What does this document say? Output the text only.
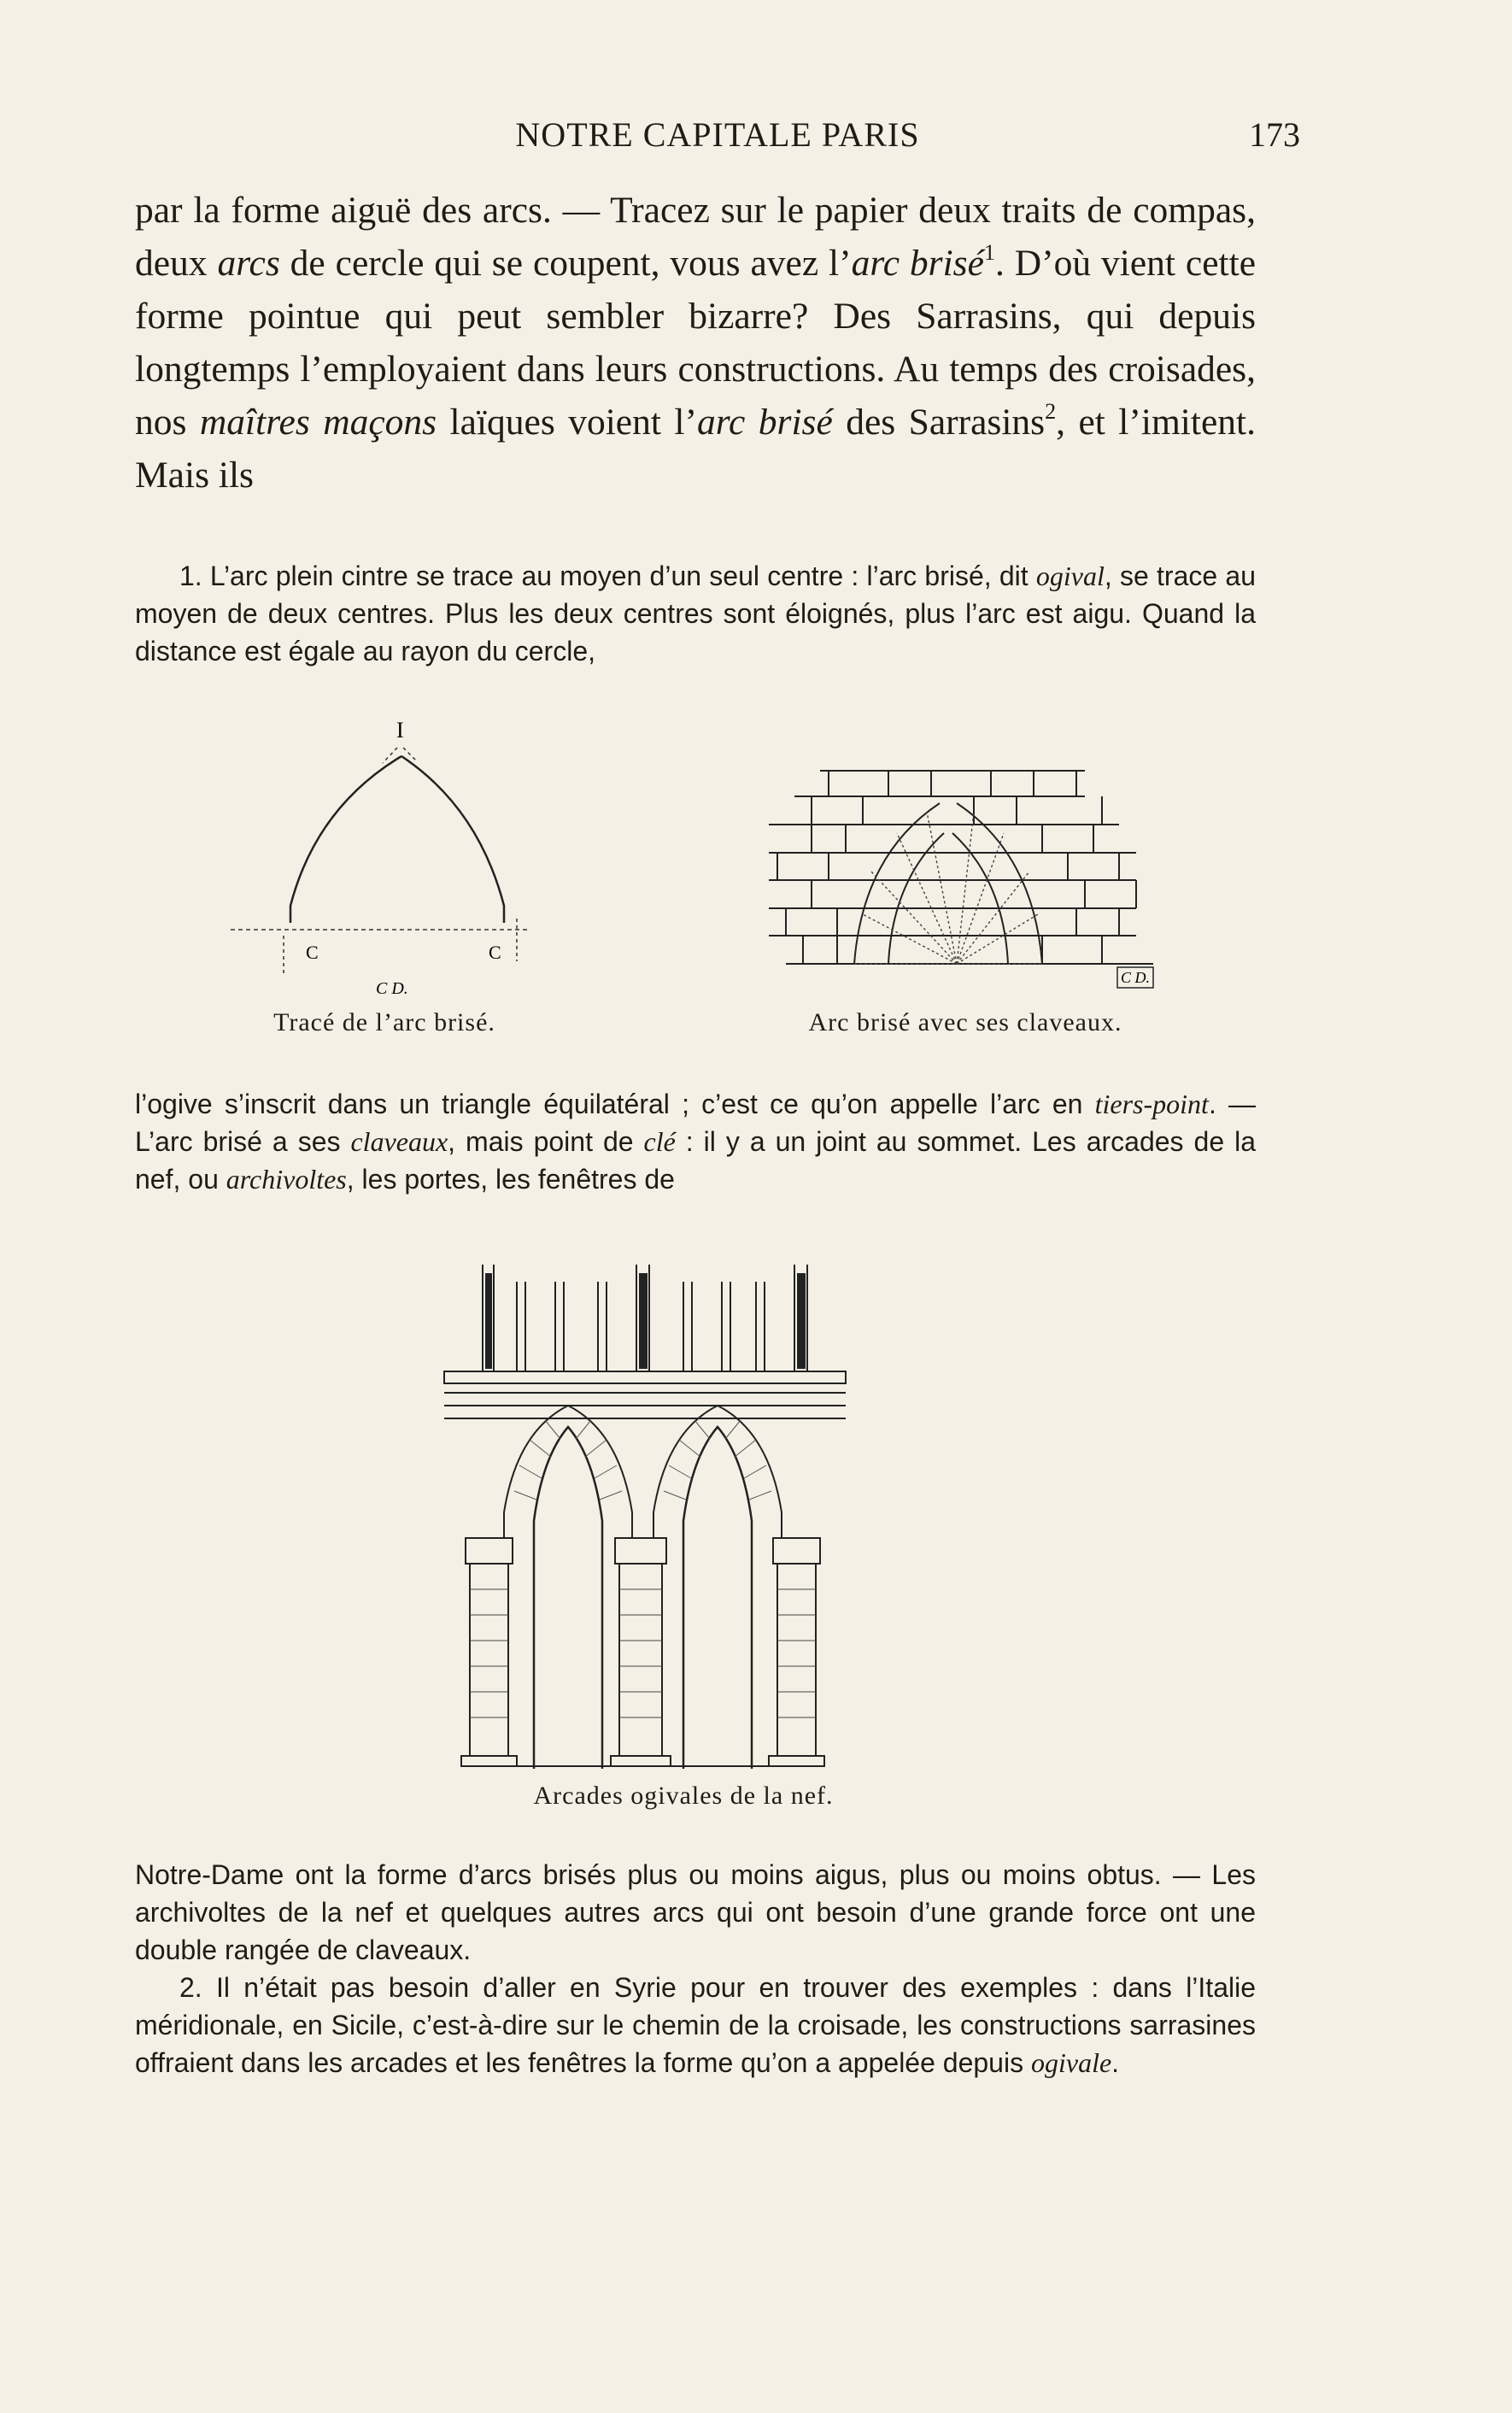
NOTRE CAPITALE PARIS	173

par la forme aiguë des arcs. — Tracez sur le papier deux traits de compas, deux arcs de cercle qui se coupent, vous avez l’arc brisé$^1$. D’où vient cette forme pointue qui peut sembler bizarre? Des Sarrasins, qui depuis longtemps l’employaient dans leurs constructions. Au temps des croisades, nos maîtres maçons laïques voient l’arc brisé des Sarrasins$^2$, et l’imitent. Mais ils

1. L’arc plein cintre se trace au moyen d’un seul centre : l’arc brisé, dit ogival, se trace au moyen de deux centres. Plus les deux centres sont éloignés, plus l’arc est aigu. Quand la distance est égale au rayon du cercle,

I
C	C
C D.
Tracé de l’arc brisé.
C D.
Arc brisé avec ses claveaux.

l’ogive s’inscrit dans un triangle équilatéral ; c’est ce qu’on appelle l’arc en tiers-point. — L’arc brisé a ses claveaux, mais point de clé : il y a un joint au sommet. Les arcades de la nef, ou archivoltes, les portes, les fenêtres de

Arcades ogivales de la nef.

Notre-Dame ont la forme d’arcs brisés plus ou moins aigus, plus ou moins obtus. — Les archivoltes de la nef et quelques autres arcs qui ont besoin d’une grande force ont une double rangée de claveaux.

2. Il n’était pas besoin d’aller en Syrie pour en trouver des exemples : dans l’Italie méridionale, en Sicile, c’est-à-dire sur le chemin de la croisade, les constructions sarrasines offraient dans les arcades et les fenêtres la forme qu’on a appelée depuis ogivale.
